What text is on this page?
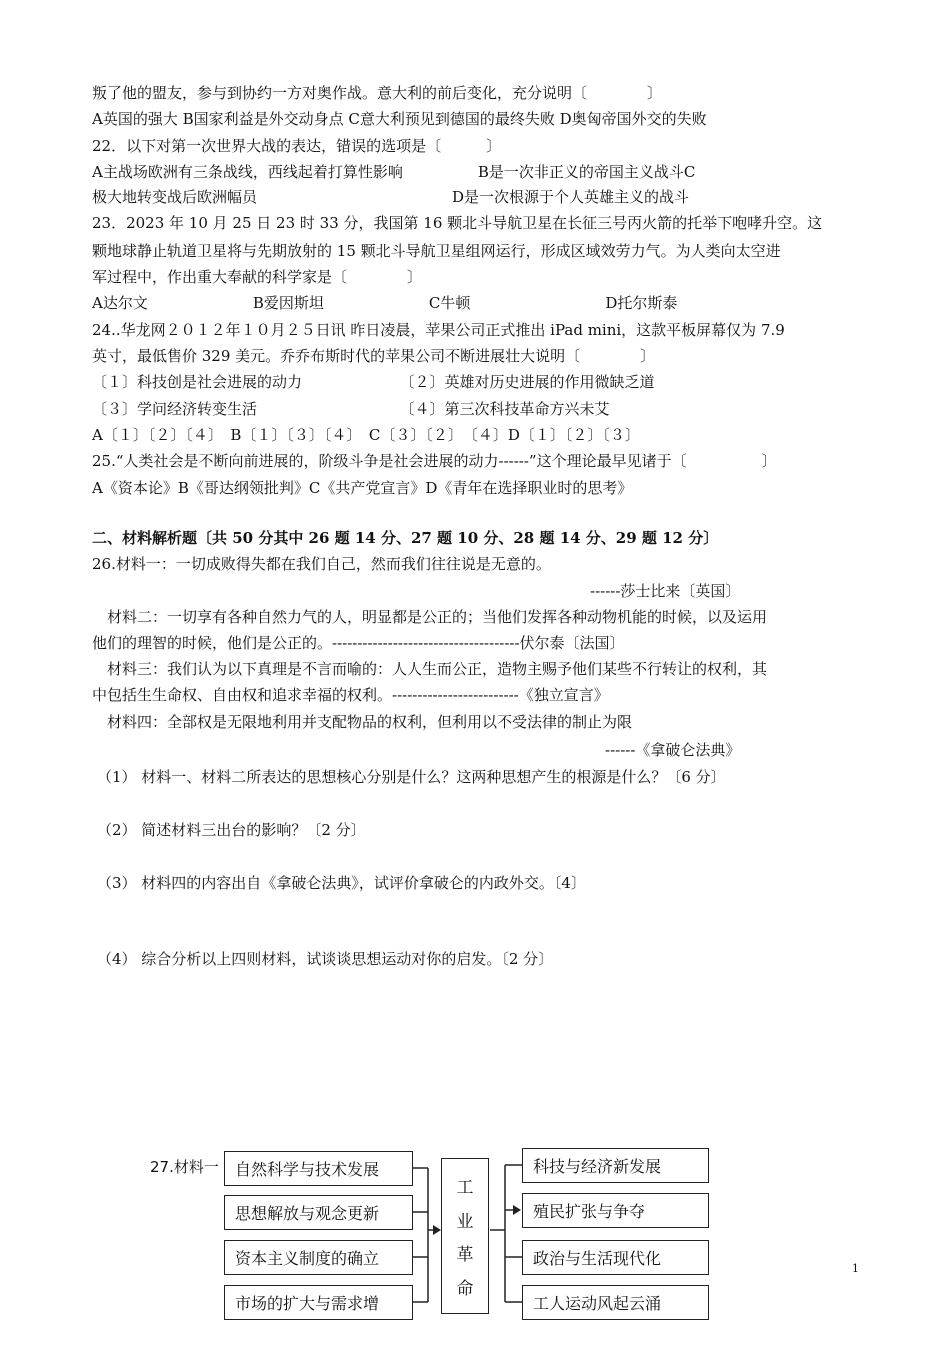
叛了他的盟友，参与到协约一方对奥作战。意大利的前后变化，充分说明〔　　　　〕
A英国的强大 B国家利益是外交动身点 C意大利预见到德国的最终失败 D奥匈帝国外交的失败
22．以下对第一次世界大战的表达，错误的选项是〔　　　〕
A主战场欧洲有三条战线，西线起着打算性影响　　　　　B是一次非正义的帝国主义战斗C
极大地转变战后欧洲幅员　　　　　　　　　　　　　D是一次根源于个人英雄主义的战斗
23．2023 年 10 月 25 日 23 时 33 分，我国第 16 颗北斗导航卫星在长征三号丙火箭的托举下咆哮升空。这
颗地球静止轨道卫星将与先期放射的 15 颗北斗导航卫星组网运行，形成区域效劳力气。为人类向太空进
军过程中，作出重大奉献的科学家是〔　　　　〕
A达尔文　　　　　　　B爱因斯坦　　　　　　　C牛顿　　　　　　　　　D托尔斯泰
24..华龙网２０１２年１０月２５日讯 昨日凌晨，苹果公司正式推出 iPad mini，这款平板屏幕仅为 7.9
英寸，最低售价 329 美元。乔乔布斯时代的苹果公司不断进展壮大说明〔　　　　〕
〔１〕科技创是社会进展的动力　　　　　　　〔２〕英雄对历史进展的作用微缺乏道
〔３〕学问经济转变生活　　　　　　　　　　〔４〕第三次科技革命方兴未艾
A〔１〕〔２〕〔４〕　B〔１〕〔３〕〔４〕　C〔３〕〔２〕　〔４〕D〔１〕〔２〕〔３〕
25.“人类社会是不断向前进展的，阶级斗争是社会进展的动力------”这个理论最早见诸于〔　　　　　〕
A《资本论》B《哥达纲领批判》C《共产党宣言》D《青年在选择职业时的思考》
二、材料解析题〔共 50 分其中 26 题 14 分、27 题 10 分、28 题 14 分、29 题 12 分〕
26.材料一：一切成败得失都在我们自己，然而我们往往说是无意的。
------莎士比来〔英国〕
　材料二：一切享有各种自然力气的人，明显都是公正的；当他们发挥各种动物机能的时候，以及运用
他们的理智的时候，他们是公正的。-------------------------------------伏尔泰〔法国〕
　材料三：我们认为以下真理是不言而喻的：人人生而公正，造物主赐予他们某些不行转让的权利，其
中包括生生命权、自由权和追求幸福的权利。-------------------------《独立宣言》
　材料四：全部权是无限地利用并支配物品的权利，但利用以不受法律的制止为限
------《拿破仑法典》
（1） 材料一、材料二所表达的思想核心分别是什么？这两种思想产生的根源是什么？〔6 分〕
（2） 简述材料三出台的影响？〔2 分〕
（3） 材料四的内容出自《拿破仑法典》，试评价拿破仑的内政外交。〔4〕
（4） 综合分析以上四则材料，试谈谈思想运动对你的启发。〔2 分〕
27.材料一	自然科学与技术发展
思想解放与观念更新
资本主义制度的确立
市场的扩大与需求增
工
业
革
命
科技与经济新发展
殖民扩张与争夺
政治与生活现代化
工人运动风起云涌
1
